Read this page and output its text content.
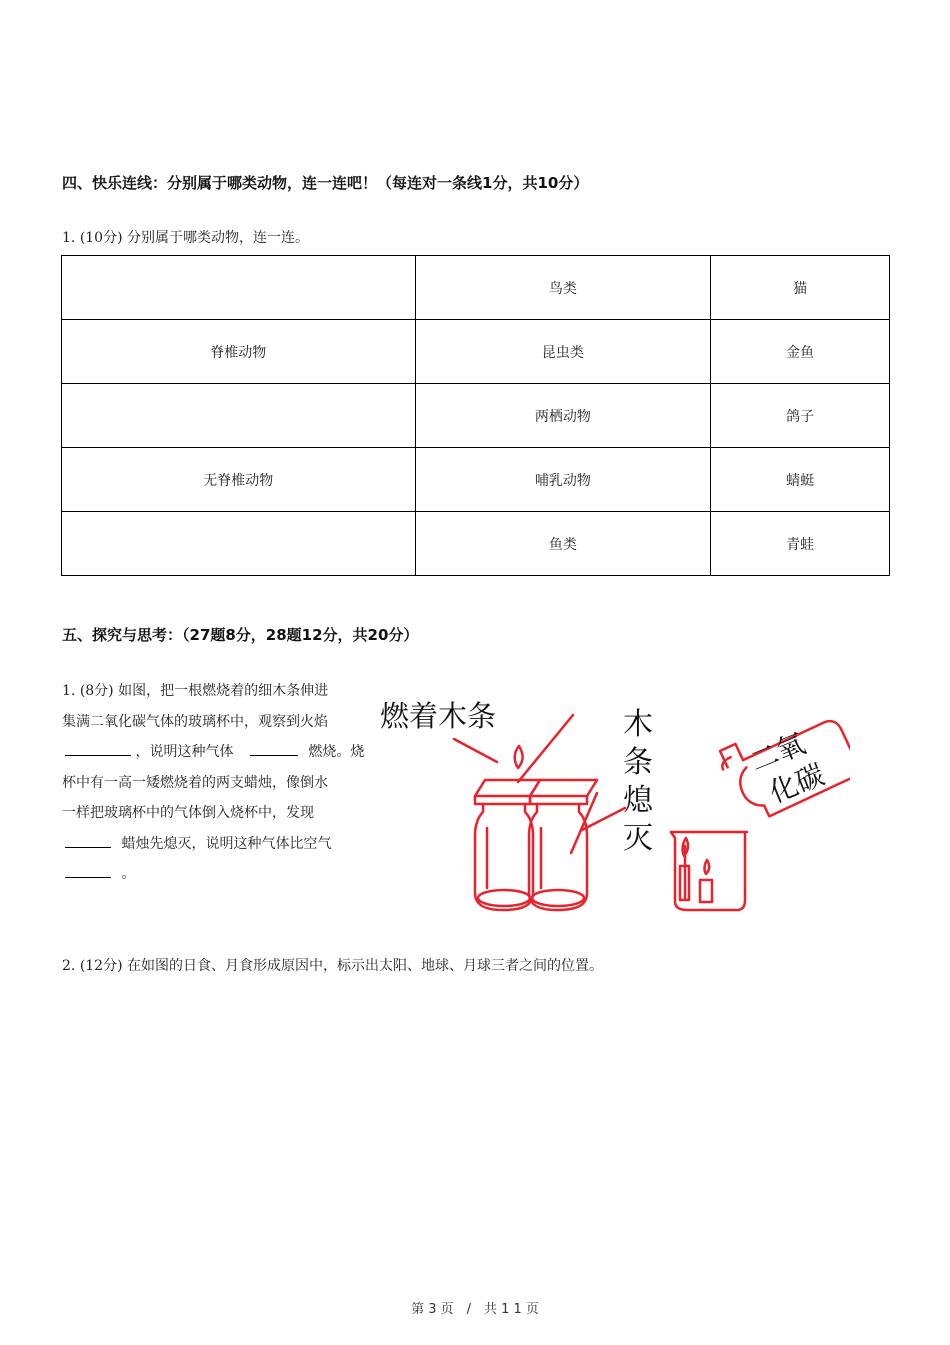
四、快乐连线：分别属于哪类动物，连一连吧！（每连对一条线1分，共10分）
1. (10分) 分别属于哪类动物，连一连。
	鸟类	猫
脊椎动物	昆虫类	金鱼
	两栖动物	鸽子
无脊椎动物	哺乳动物	蜻蜓
	鱼类	青蛙
五、探究与思考：（27题8分，28题12分，共20分）
1. (8分) 如图，把一根燃烧着的细木条伸进
集满二氧化碳气体的玻璃杯中，观察到火焰
，说明这种气体	燃烧。烧
杯中有一高一矮燃烧着的两支蜡烛，像倒水
一样把玻璃杯中的气体倒入烧杯中，发现
蜡烛先熄灭，说明这种气体比空气
。
燃着木条	木
条
熄
灭
二氧
化碳
2. (12分) 在如图的日食、月食形成原因中，标示出太阳、地球、月球三者之间的位置。
第 3 页　/　共 1 1 页
